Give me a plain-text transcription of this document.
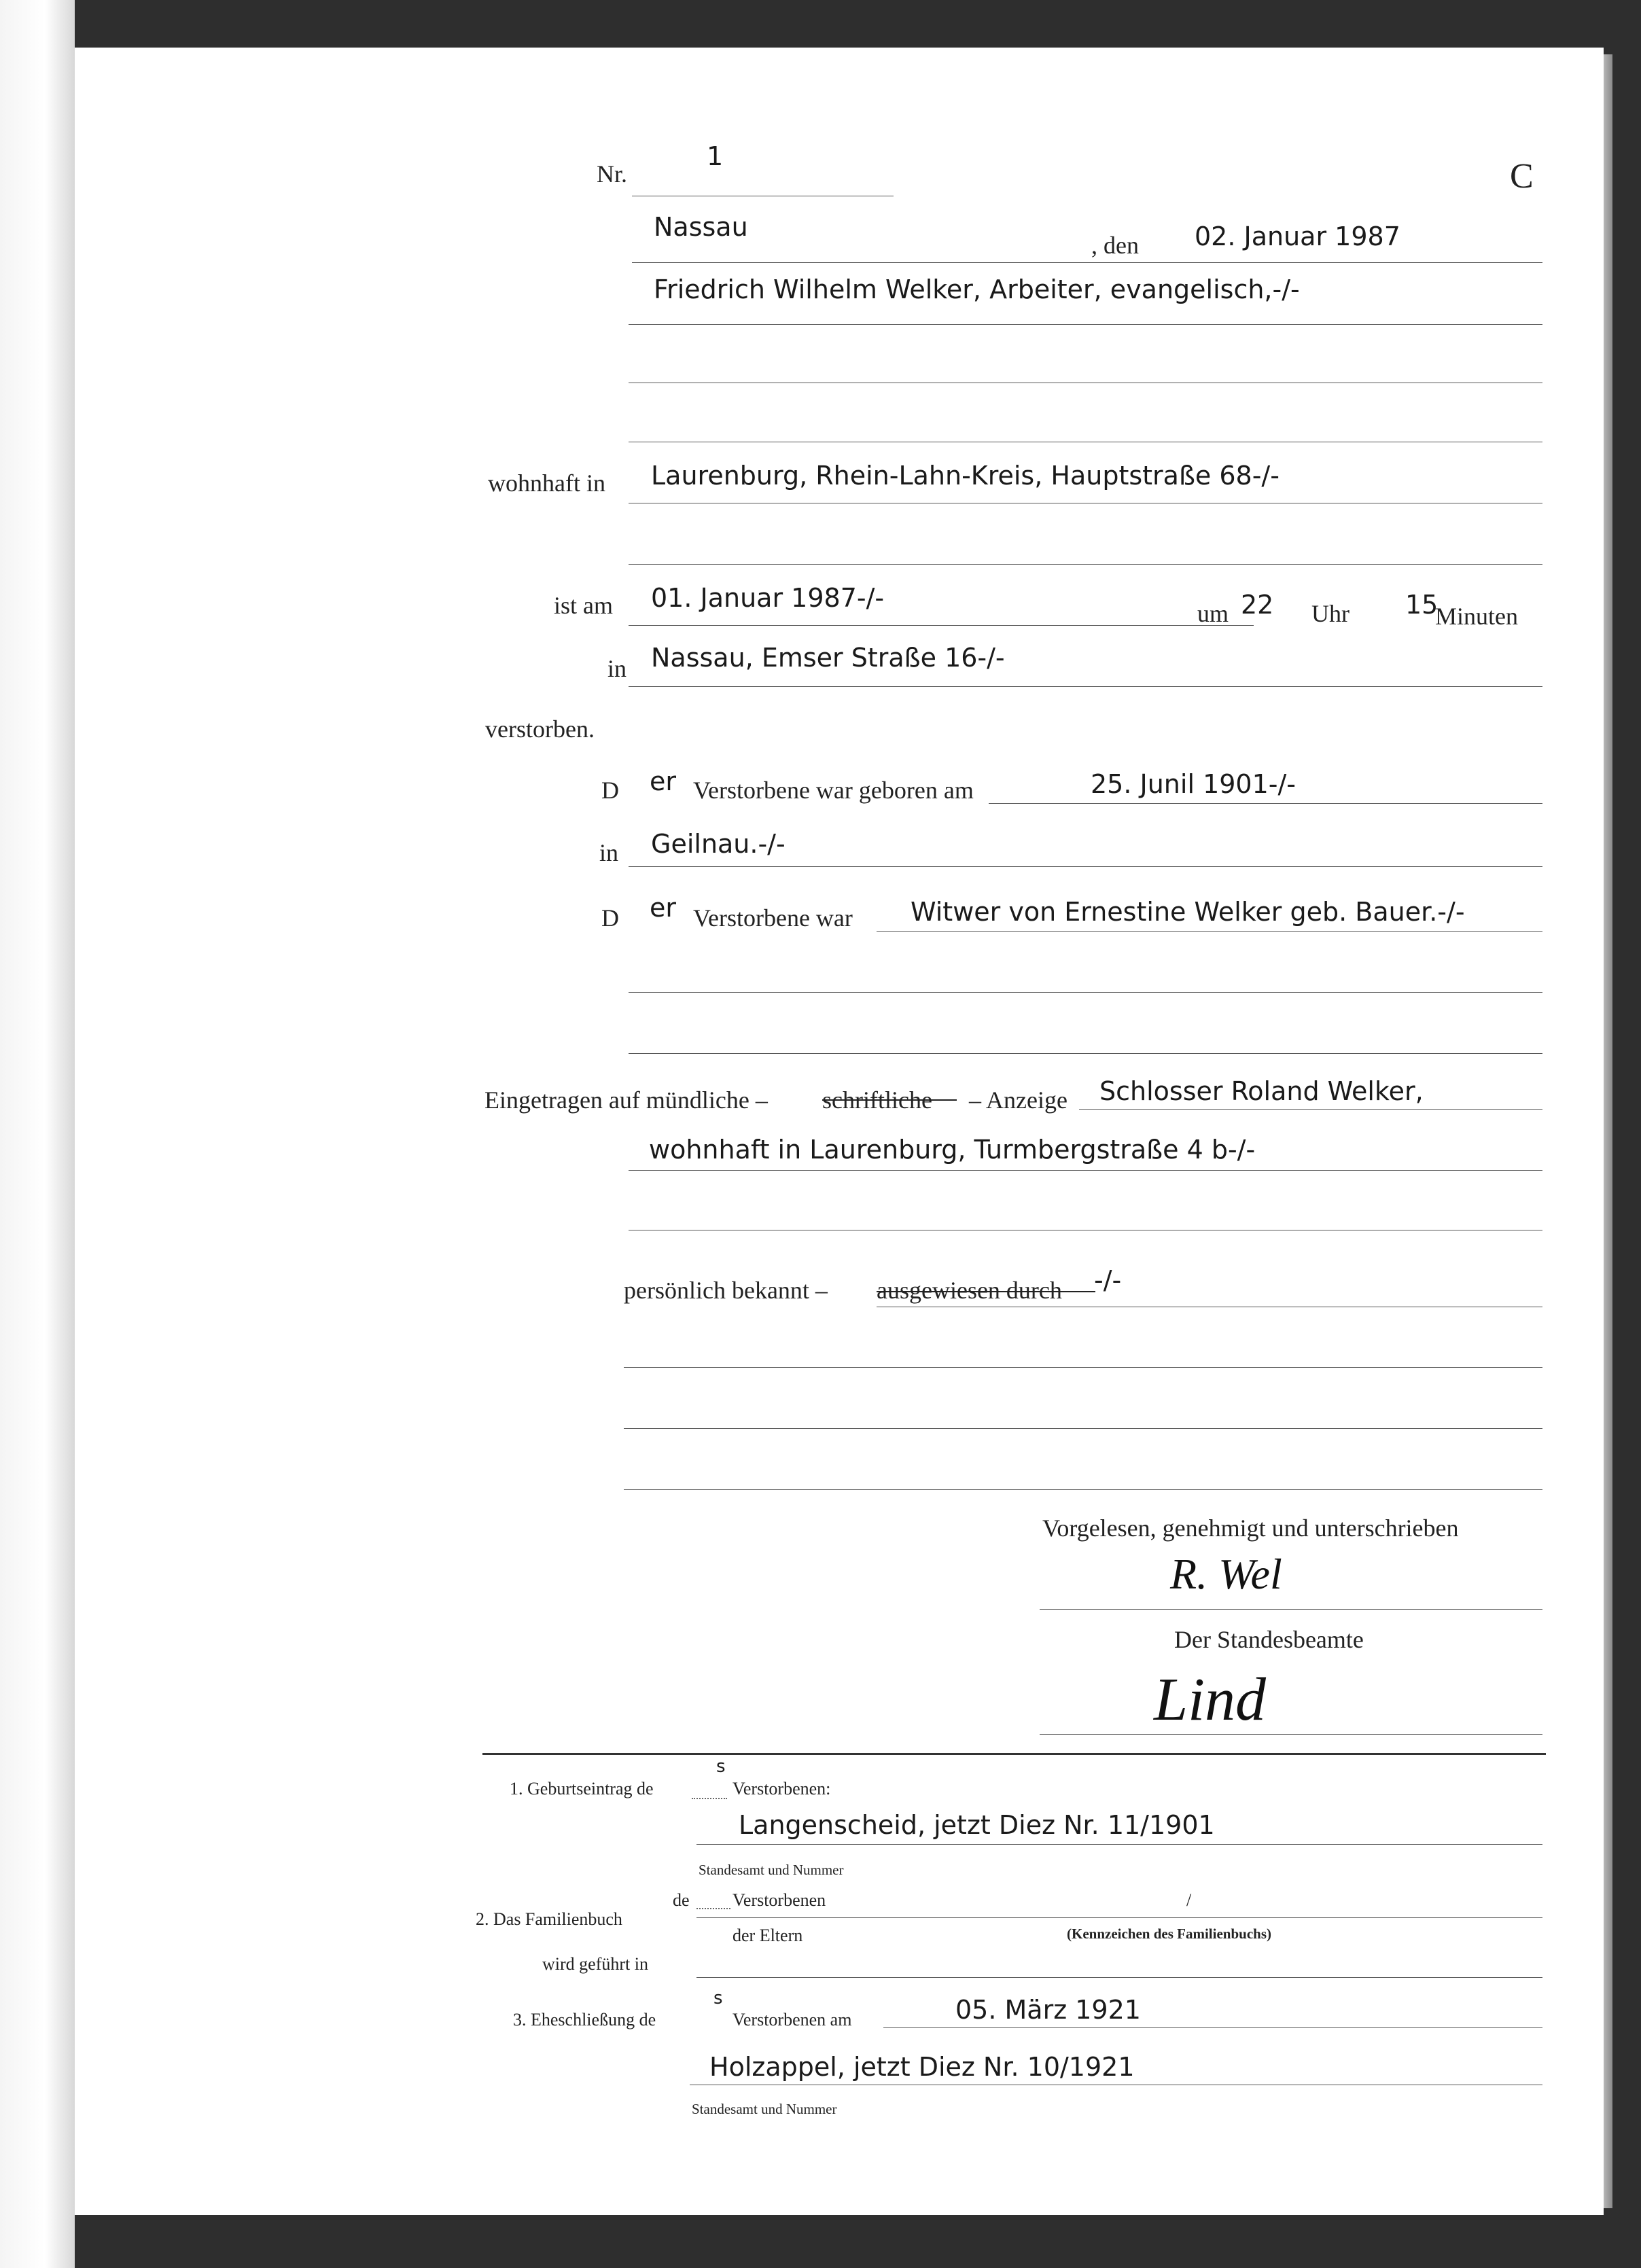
Nr.
1
C
Nassau
, den 02. Januar 1987
Friedrich Wilhelm Welker, Arbeiter, evangelisch,-/-
wohnhaft in Laurenburg, Rhein-Lahn-Kreis, Hauptstraße 68-/-
ist am 01. Januar 1987-/-
um 22 Uhr 15
Minuten
in Nassau, Emser Straße 16-/-
verstorben.
D er Verstorbene war geboren am	25. Junil 1901-/-
in Geilnau.-/-
D er Verstorbene war Witwer von Ernestine Welker geb. Bauer.-/-
Eingetragen auf mündliche – schriftliche – Anzeige Schlosser Roland Welker,
wohnhaft in Laurenburg, Turmbergstraße 4 b-/-
persönlich bekannt – ausgewiesen durch -/-
Vorgelesen, genehmigt und unterschrieben
R. Wel
Der Standesbeamte
Lind
1. Geburtseintrag de
s
Verstorbenen:
Langenscheid, jetzt Diez Nr. 11/1901
Standesamt und Nummer
2. Das Familienbuch
de Verstorbenen
der Eltern
/
(Kennzeichen des Familienbuchs)
wird geführt in
3. Eheschließung de
s
Verstorbenen am	05. März 1921
Holzappel, jetzt Diez Nr. 10/1921
Standesamt und Nummer
